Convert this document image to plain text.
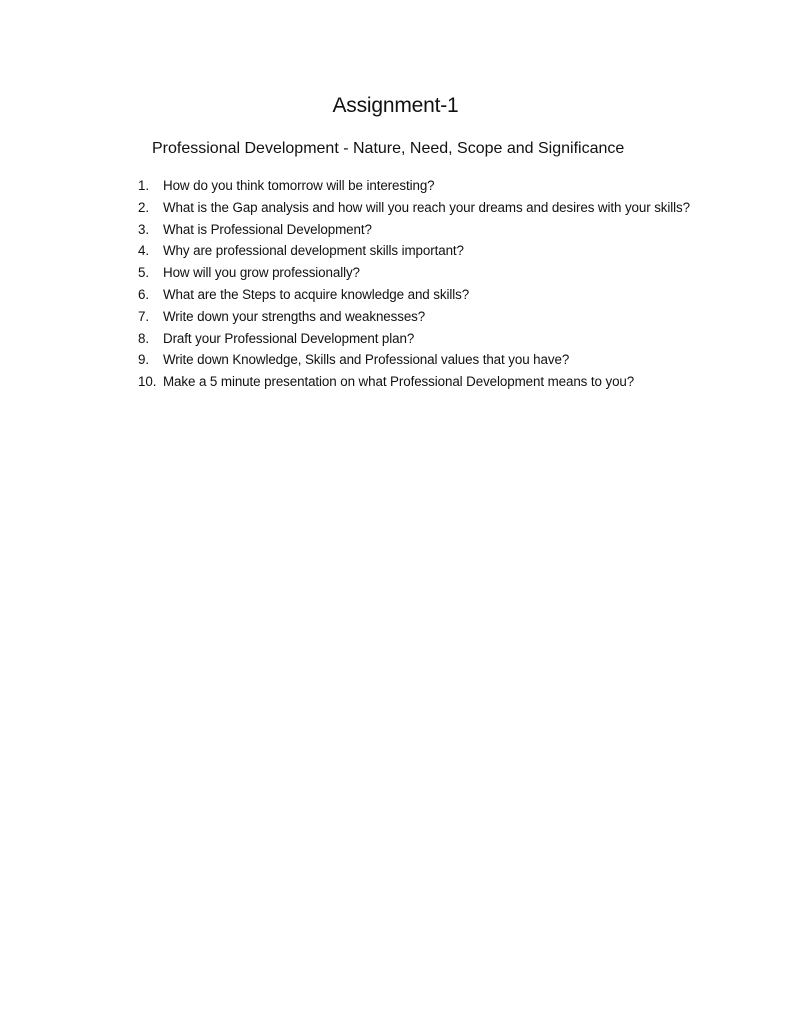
Assignment-1
Professional Development - Nature, Need, Scope and Significance
1.	How do you think tomorrow will be interesting?
2.	What is the Gap analysis and how will you reach your dreams and desires with your skills?
3.	What is Professional Development?
4.	Why are professional development skills important?
5.	How will you grow professionally?
6.	What are the Steps to acquire knowledge and skills?
7.	Write down your strengths and weaknesses?
8.	Draft your Professional Development plan?
9.	Write down Knowledge, Skills and Professional values that you have?
10. Make a 5 minute presentation on what Professional Development means to you?
